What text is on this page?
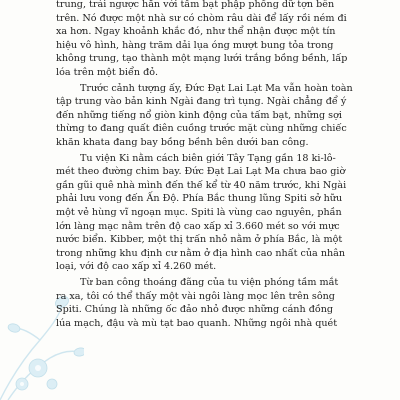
trung, trái ngược hẳn với tấm bạt phập phồng dữ tợn bên
trên. Nó được một nhà sư có chòm râu dài để lấy rồi ném đi
xa hơn. Ngay khoảnh khắc đó, như thể nhận được một tín
hiệu vô hình, hàng trăm dải lụa óng mượt bung tỏa trong
không trung, tạo thành một mạng lưới trắng bồng bềnh, lấp
lóa trên một biển đỏ.
Trước cảnh tượng ấy, Đức Đạt Lai Lạt Ma vẫn hoàn toàn
tập trung vào bản kinh Ngài đang trì tụng. Ngài chẳng để ý
đến những tiếng nổ giòn kinh động của tấm bạt, những sợi
thừng to đang quất điên cuồng trước mặt cùng những chiếc
khăn khata đang bay bồng bềnh bên dưới ban công.
Tu viện Ki nằm cách biên giới Tây Tạng gần 18 ki-lô-
mét theo đường chim bay. Đức Đạt Lai Lạt Ma chưa bao giờ
gần gũi quê nhà mình đến thế kể từ 40 năm trước, khi Ngài
phải lưu vong đến Ấn Độ. Phía Bắc thung lũng Spiti sở hữu
một vẻ hùng vĩ ngoạn mục. Spiti là vùng cao nguyên, phần
lớn làng mạc nằm trên độ cao xấp xỉ 3.660 mét so với mực
nước biển. Kibber, một thị trấn nhỏ nằm ở phía Bắc, là một
trong những khu định cư nằm ở địa hình cao nhất của nhân
loại, với độ cao xấp xỉ 4.260 mét.
Từ ban công thoáng đãng của tu viện phóng tầm mắt
ra xa, tôi có thể thấy một vài ngôi làng mọc lên trên sông
Spiti. Chúng là những ốc đảo nhỏ được những cánh đồng
lúa mạch, đậu và mù tạt bao quanh. Những ngôi nhà quét
